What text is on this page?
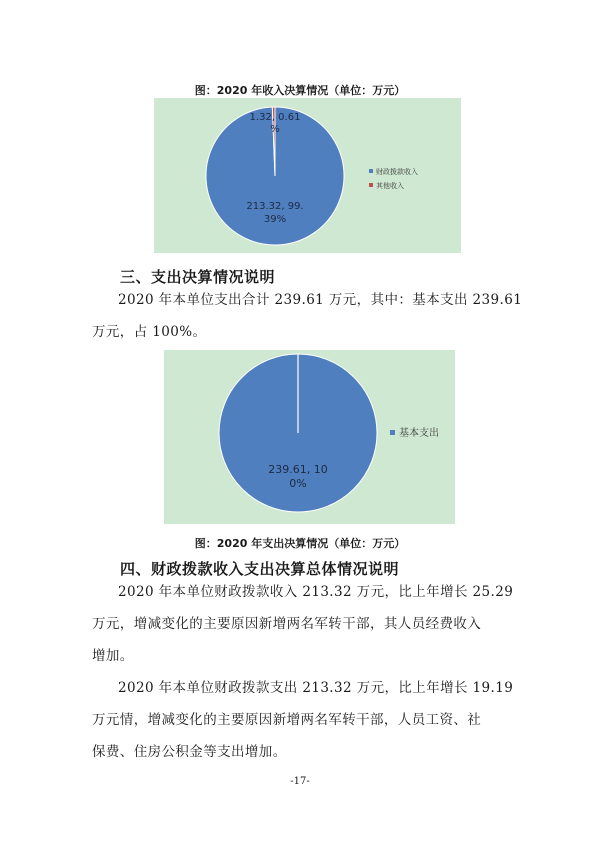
图：2020 年收入决算情况（单位：万元）
213.32, 99.
39%
1.32, 0.61
%
财政拨款收入
其他收入
三、支出决算情况说明
2020 年本单位支出合计 239.61 万元，其中：基本支出 239.61
万元，占 100%。
239.61, 10
0%
基本支出
图：2020 年支出决算情况（单位：万元）
四、财政拨款收入支出决算总体情况说明
2020 年本单位财政拨款收入 213.32 万元，比上年增长 25.29
万元，增减变化的主要原因新增两名军转干部，其人员经费收入
增加。
2020 年本单位财政拨款支出 213.32 万元，比上年增长 19.19
万元情，增减变化的主要原因新增两名军转干部，人员工资、社
保费、住房公积金等支出增加。
-17-
